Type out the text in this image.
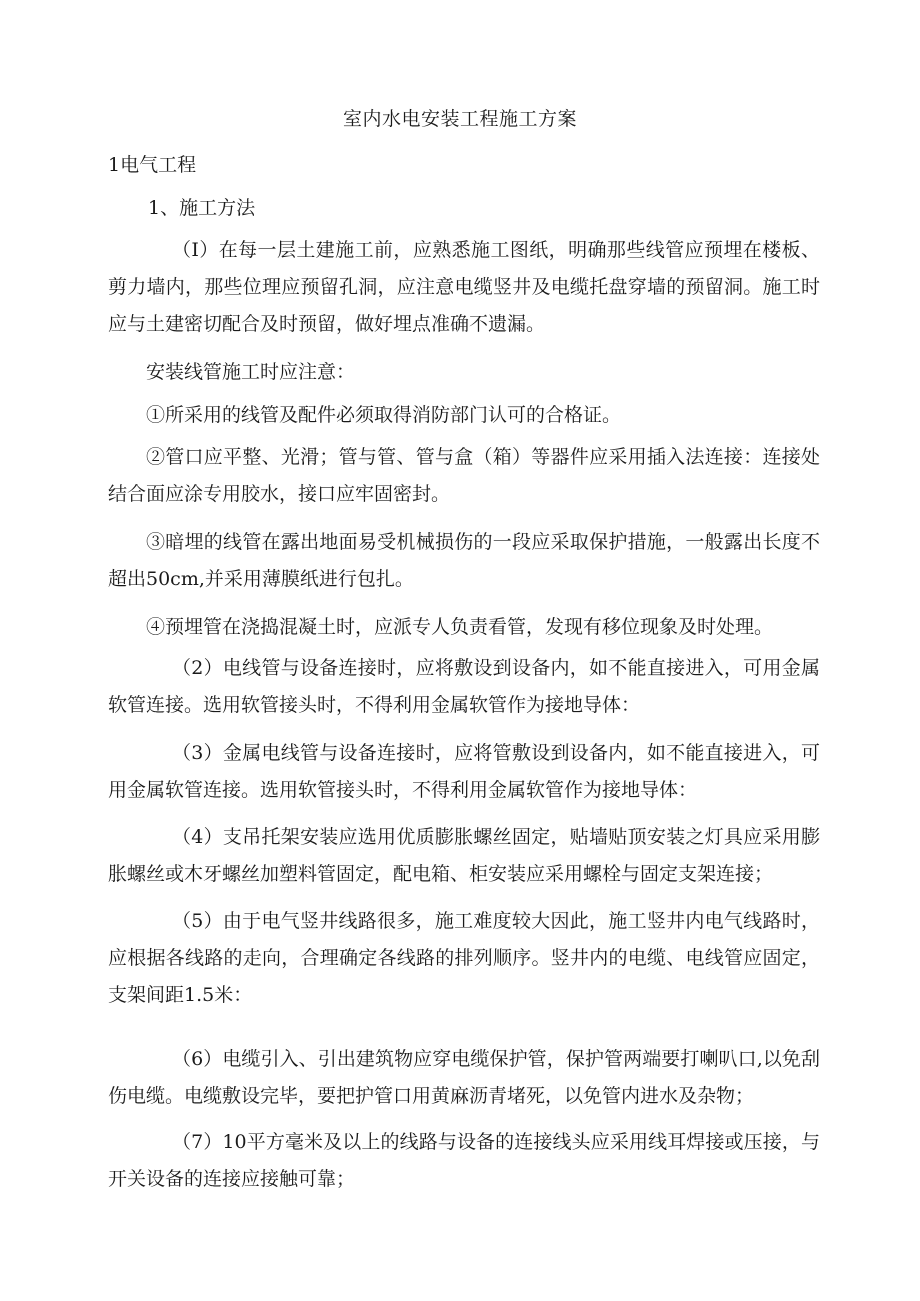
室内水电安装工程施工方案
1电气工程
1、施工方法

（I）在每一层土建施工前，应熟悉施工图纸，明确那些线管应预埋在楼板、剪力墙内，那些位理应预留孔洞，应注意电缆竖井及电缆托盘穿墙的预留洞。施工时应与土建密切配合及时预留，做好埋点准确不遗漏。

安装线管施工时应注意：

①所采用的线管及配件必须取得消防部门认可的合格证。

②管口应平整、光滑；管与管、管与盒（箱）等器件应采用插入法连接：连接处结合面应涂专用胶水，接口应牢固密封。

③暗埋的线管在露出地面易受机械损伤的一段应采取保护措施，一般露出长度不超出50cm,并采用薄膜纸进行包扎。

④预埋管在浇捣混凝土时，应派专人负责看管，发现有移位现象及时处理。

（2）电线管与设备连接时，应将敷设到设备内，如不能直接进入，可用金属软管连接。选用软管接头时，不得利用金属软管作为接地导体：

（3）金属电线管与设备连接时，应将管敷设到设备内，如不能直接进入，可用金属软管连接。选用软管接头时，不得利用金属软管作为接地导体：

（4）支吊托架安装应选用优质膨胀螺丝固定，贴墙贴顶安装之灯具应采用膨胀螺丝或木牙螺丝加塑料管固定，配电箱、柜安装应采用螺栓与固定支架连接；

（5）由于电气竖井线路很多，施工难度较大因此，施工竖井内电气线路时，应根据各线路的走向，合理确定各线路的排列顺序。竖井内的电缆、电线管应固定，支架间距1.5米：

（6）电缆引入、引出建筑物应穿电缆保护管，保护管两端要打喇叭口,以免刮伤电缆。电缆敷设完毕，要把护管口用黄麻沥青堵死，以免管内进水及杂物；

（7）10平方毫米及以上的线路与设备的连接线头应采用线耳焊接或压接，与开关设备的连接应接触可靠；
